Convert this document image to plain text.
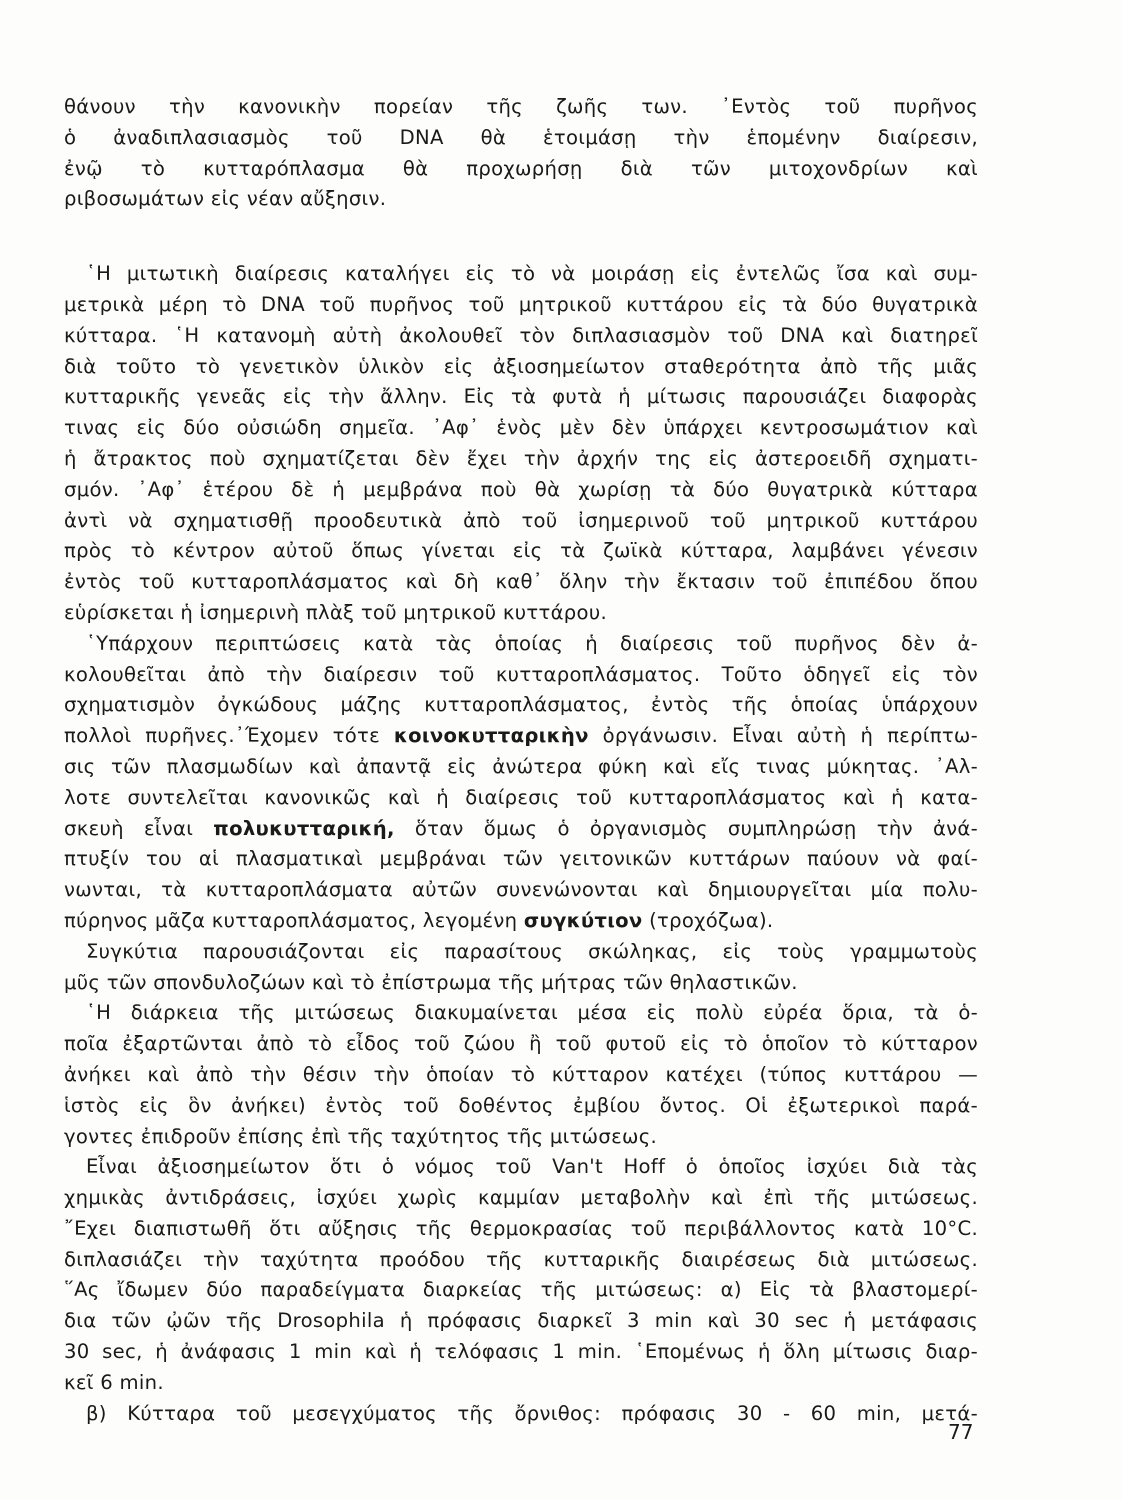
θάνουν τὴν κανονικὴν πορείαν τῆς ζωῆς των. ᾿Εντὸς τοῦ πυρῆνος
ὁ ἀναδιπλασιασμὸς τοῦ DNA θὰ ἑτοιμάσῃ τὴν ἑπομένην διαίρεσιν,
ἐνῷ τὸ κυτταρόπλασμα θὰ προχωρήσῃ διὰ τῶν μιτοχονδρίων καὶ
ριβοσωμάτων εἰς νέαν αὔξησιν.
῾Η μιτωτικὴ διαίρεσις καταλήγει εἰς τὸ νὰ μοιράσῃ εἰς ἐντελῶς ἴσα καὶ συμ-
μετρικὰ μέρη τὸ DNA τοῦ πυρῆνος τοῦ μητρικοῦ κυττάρου εἰς τὰ δύο θυγατρικὰ
κύτταρα. ῾Η κατανομὴ αὐτὴ ἀκολουθεῖ τὸν διπλασιασμὸν τοῦ DNA καὶ διατηρεῖ
διὰ τοῦτο τὸ γενετικὸν ὑλικὸν εἰς ἀξιοσημείωτον σταθερότητα ἀπὸ τῆς μιᾶς
κυτταρικῆς γενεᾶς εἰς τὴν ἄλλην. Εἰς τὰ φυτὰ ἡ μίτωσις παρουσιάζει διαφορὰς
τινας εἰς δύο οὐσιώδη σημεῖα. ᾿Αφ᾿ ἑνὸς μὲν δὲν ὑπάρχει κεντροσωμάτιον καὶ
ἡ ἄτρακτος ποὺ σχηματίζεται δὲν ἔχει τὴν ἀρχήν της εἰς ἀστεροειδῆ σχηματι-
σμόν. ᾿Αφ᾿ ἑτέρου δὲ ἡ μεμβράνα ποὺ θὰ χωρίσῃ τὰ δύο θυγατρικὰ κύτταρα
ἀντὶ νὰ σχηματισθῇ προοδευτικὰ ἀπὸ τοῦ ἰσημερινοῦ τοῦ μητρικοῦ κυττάρου
πρὸς τὸ κέντρον αὐτοῦ ὅπως γίνεται εἰς τὰ ζωϊκὰ κύτταρα, λαμβάνει γένεσιν
ἐντὸς τοῦ κυτταροπλάσματος καὶ δὴ καθ᾿ ὅλην τὴν ἔκτασιν τοῦ ἐπιπέδου ὅπου
εὑρίσκεται ἡ ἰσημερινὴ πλὰξ τοῦ μητρικοῦ κυττάρου.
῾Υπάρχουν περιπτώσεις κατὰ τὰς ὁποίας ἡ διαίρεσις τοῦ πυρῆνος δὲν ἀ-
κολουθεῖται ἀπὸ τὴν διαίρεσιν τοῦ κυτταροπλάσματος. Τοῦτο ὁδηγεῖ εἰς τὸν
σχηματισμὸν ὀγκώδους μάζης κυτταροπλάσματος, ἐντὸς τῆς ὁποίας ὑπάρχουν
πολλοὶ πυρῆνες.᾿Έχομεν τότε κοινοκυτταρικὴν ὀργάνωσιν. Εἶναι αὐτὴ ἡ περίπτω-
σις τῶν πλασμωδίων καὶ ἀπαντᾷ εἰς ἀνώτερα φύκη καὶ εἴς τινας μύκητας. ᾿Αλ-
λοτε συντελεῖται κανονικῶς καὶ ἡ διαίρεσις τοῦ κυτταροπλάσματος καὶ ἡ κατα-
σκευὴ εἶναι πολυκυτταρική, ὅταν ὅμως ὁ ὀργανισμὸς συμπληρώσῃ τὴν ἀνά-
πτυξίν του αἱ πλασματικαὶ μεμβράναι τῶν γειτονικῶν κυττάρων παύουν νὰ φαί-
νωνται, τὰ κυτταροπλάσματα αὐτῶν συνενώνονται καὶ δημιουργεῖται μία πολυ-
πύρηνος μᾶζα κυτταροπλάσματος, λεγομένη συγκύτιον (τροχόζωα).
Συγκύτια παρουσιάζονται εἰς παρασίτους σκώληκας, εἰς τοὺς γραμμωτοὺς
μῦς τῶν σπονδυλοζώων καὶ τὸ ἐπίστρωμα τῆς μήτρας τῶν θηλαστικῶν.
῾Η διάρκεια τῆς μιτώσεως διακυμαίνεται μέσα εἰς πολὺ εὐρέα ὅρια, τὰ ὁ-
ποῖα ἐξαρτῶνται ἀπὸ τὸ εἶδος τοῦ ζώου ἢ τοῦ φυτοῦ εἰς τὸ ὁποῖον τὸ κύτταρον
ἀνήκει καὶ ἀπὸ τὴν θέσιν τὴν ὁποίαν τὸ κύτταρον κατέχει (τύπος κυττάρου —
ἱστὸς εἰς ὃν ἀνήκει) ἐντὸς τοῦ δοθέντος ἐμβίου ὄντος. Οἱ ἐξωτερικοὶ παρά-
γοντες ἐπιδροῦν ἐπίσης ἐπὶ τῆς ταχύτητος τῆς μιτώσεως.
Εἶναι ἀξιοσημείωτον ὅτι ὁ νόμος τοῦ Van't Hoff ὁ ὁποῖος ἰσχύει διὰ τὰς
χημικὰς ἀντιδράσεις, ἰσχύει χωρὶς καμμίαν μεταβολὴν καὶ ἐπὶ τῆς μιτώσεως.
῎Εχει διαπιστωθῆ ὅτι αὔξησις τῆς θερμοκρασίας τοῦ περιβάλλοντος κατὰ 10°C.
διπλασιάζει τὴν ταχύτητα προόδου τῆς κυτταρικῆς διαιρέσεως διὰ μιτώσεως.
῞Ας ἴδωμεν δύο παραδείγματα διαρκείας τῆς μιτώσεως: α) Εἰς τὰ βλαστομερί-
δια τῶν ᾠῶν τῆς Drosophila ἡ πρόφασις διαρκεῖ 3 min καὶ 30 sec ἡ μετάφασις
30 sec, ἡ ἀνάφασις 1 min καὶ ἡ τελόφασις 1 min. ῾Επομένως ἡ ὅλη μίτωσις διαρ-
κεῖ 6 min.
β) Κύτταρα τοῦ μεσεγχύματος τῆς ὄρνιθος: πρόφασις 30 - 60 min, μετά-
77
